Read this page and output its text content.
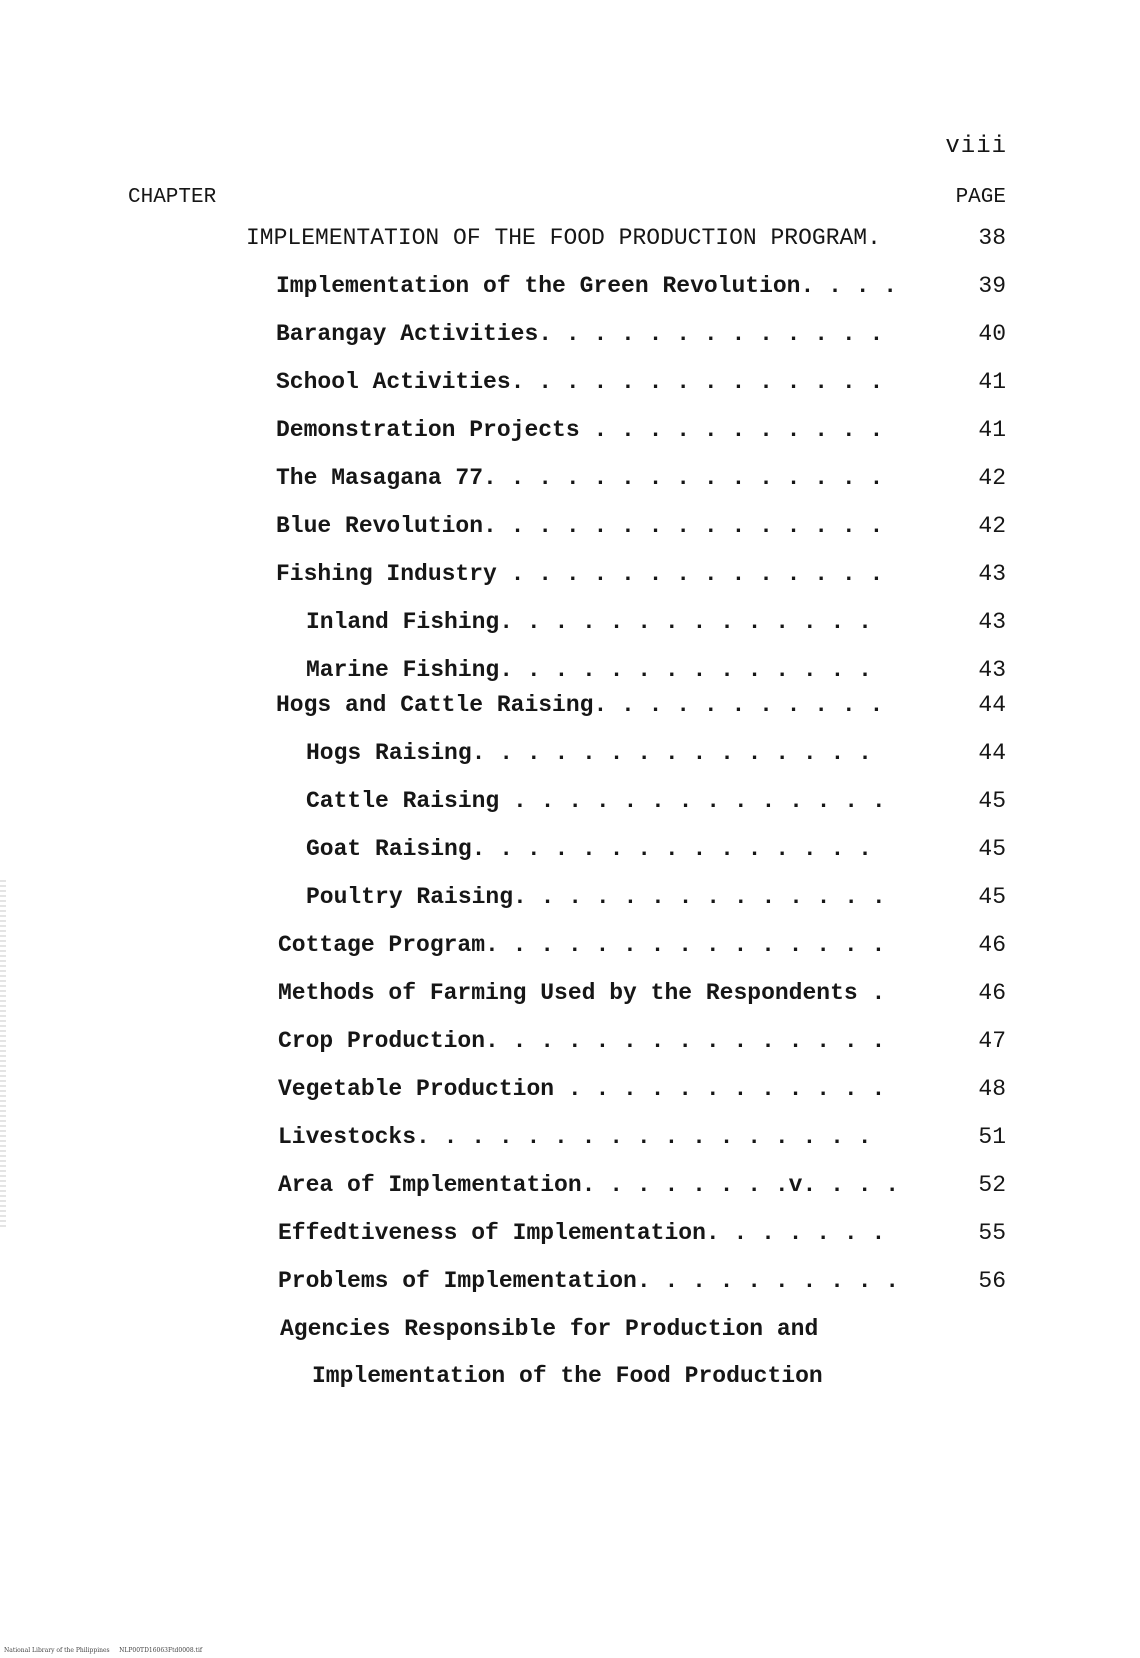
viii
CHAPTER	PAGE
IMPLEMENTATION OF THE FOOD PRODUCTION PROGRAM.	38
Implementation of the Green Revolution. . . .	39
Barangay Activities. . . . . . . . . . . . .	40
School Activities. . . . . . . . . . . . . .	41
Demonstration Projects . . . . . . . . . . .	41
The Masagana 77. . . . . . . . . . . . . . .	42
Blue Revolution. . . . . . . . . . . . . . .	42
Fishing Industry . . . . . . . . . . . . . .	43
Inland Fishing. . . . . . . . . . . . . .	43
Marine Fishing. . . . . . . . . . . . . .	43
Hogs and Cattle Raising. . . . . . . . . . .	44
Hogs Raising. . . . . . . . . . . . . . .	44
Cattle Raising . . . . . . . . . . . . . .	45
Goat Raising. . . . . . . . . . . . . . .	45
Poultry Raising. . . . . . . . . . . . . .	45
Cottage Program. . . . . . . . . . . . . . .	46
Methods of Farming Used by the Respondents .	46
Crop Production. . . . . . . . . . . . . . .	47
Vegetable Production . . . . . . . . . . . .	48
Livestocks. . . . . . . . . . . . . . . . .	51
Area of Implementation. . . . . . . .v. . . .	52
Effedtiveness of Implementation. . . . . . .	55
Problems of Implementation. . . . . . . . . .	56
Agencies Responsible for Production and
Implementation of the Food Production
National Library of the Philippines     NLP00TD16063Ftd0008.tif
